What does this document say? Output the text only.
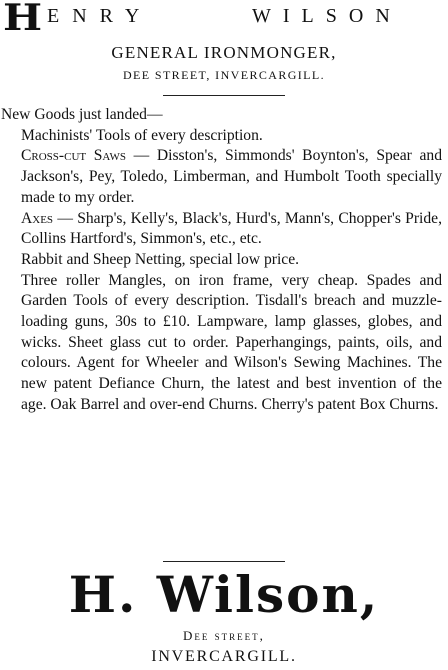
H ENRY	WILSON
GENERAL IRONMONGER,
DEE STREET, INVERCARGILL.

New Goods just landed—

Machinists' Tools of every description.

Cross-cut Saws — Disston's, Simmonds' Boynton's, Spear and Jackson's, Pey, Toledo, Limberman, and Humbolt Tooth specially made to my order.

Axes — Sharp's, Kelly's, Black's, Hurd's, Mann's, Chopper's Pride, Collins Hartford's, Simmon's, etc., etc.

Rabbit and Sheep Netting, special low price.

Three roller Mangles, on iron frame, very cheap. Spades and Garden Tools of every description. Tisdall's breach and muzzle-loading guns, 30s to £10. Lampware, lamp glasses, globes, and wicks. Sheet glass cut to order. Paperhangings, paints, oils, and colours. Agent for Wheeler and Wilson's Sewing Machines. The new patent Defiance Churn, the latest and best invention of the age. Oak Barrel and over-end Churns. Cherry's patent Box Churns.

H. Wilson,
Dee street,
INVERCARGILL.
